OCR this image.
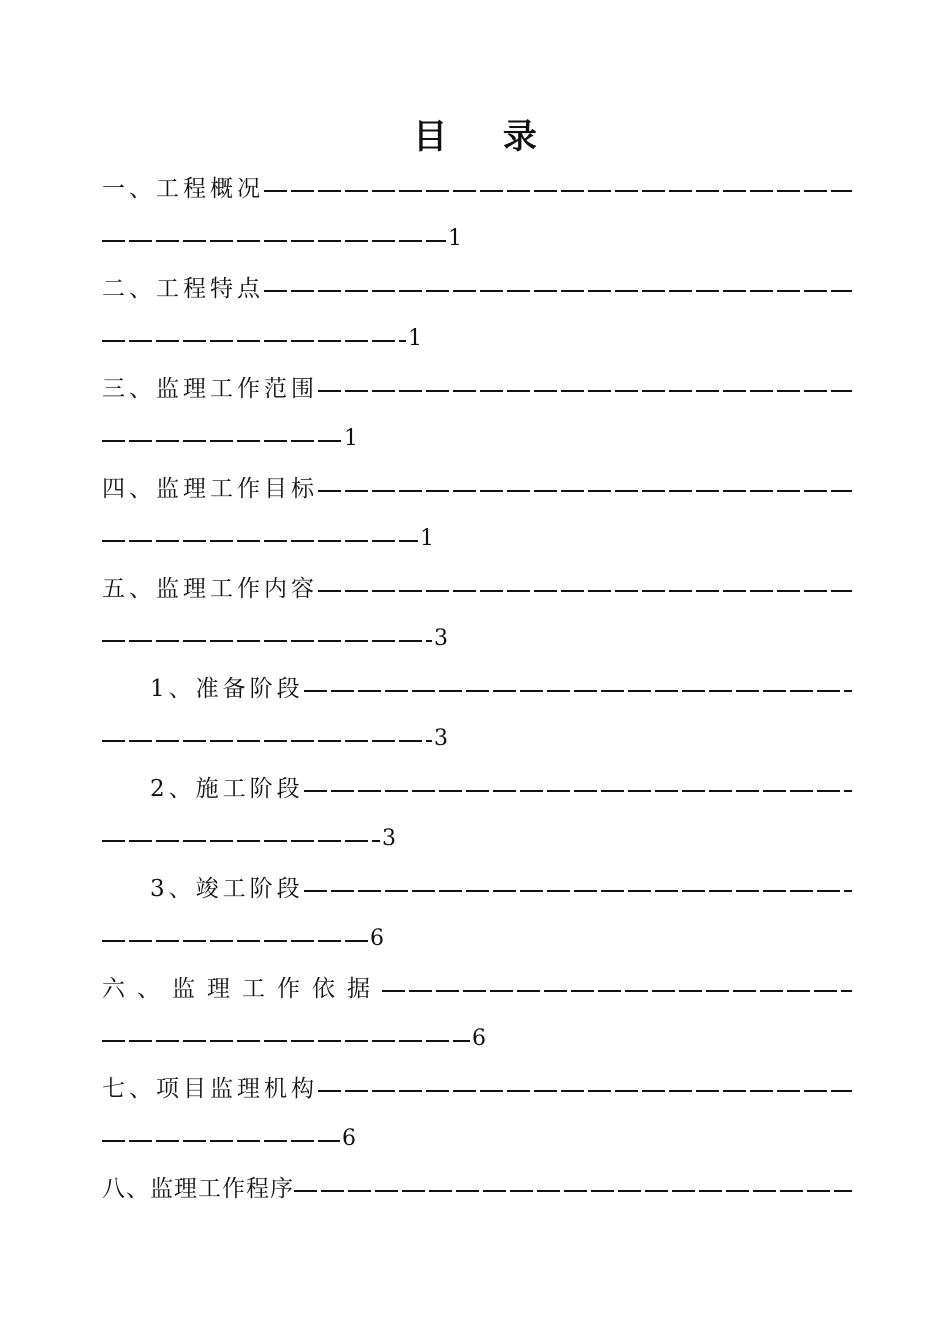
目 录
一、工程概况
1
二、工程特点
1
三、监理工作范围
1
四、监理工作目标
1
五、监理工作内容
3
1、准备阶段
3
2、施工阶段
3
3、竣工阶段
6
六、监理工作依据
6
七、项目监理机构
6
八、监理工作程序
